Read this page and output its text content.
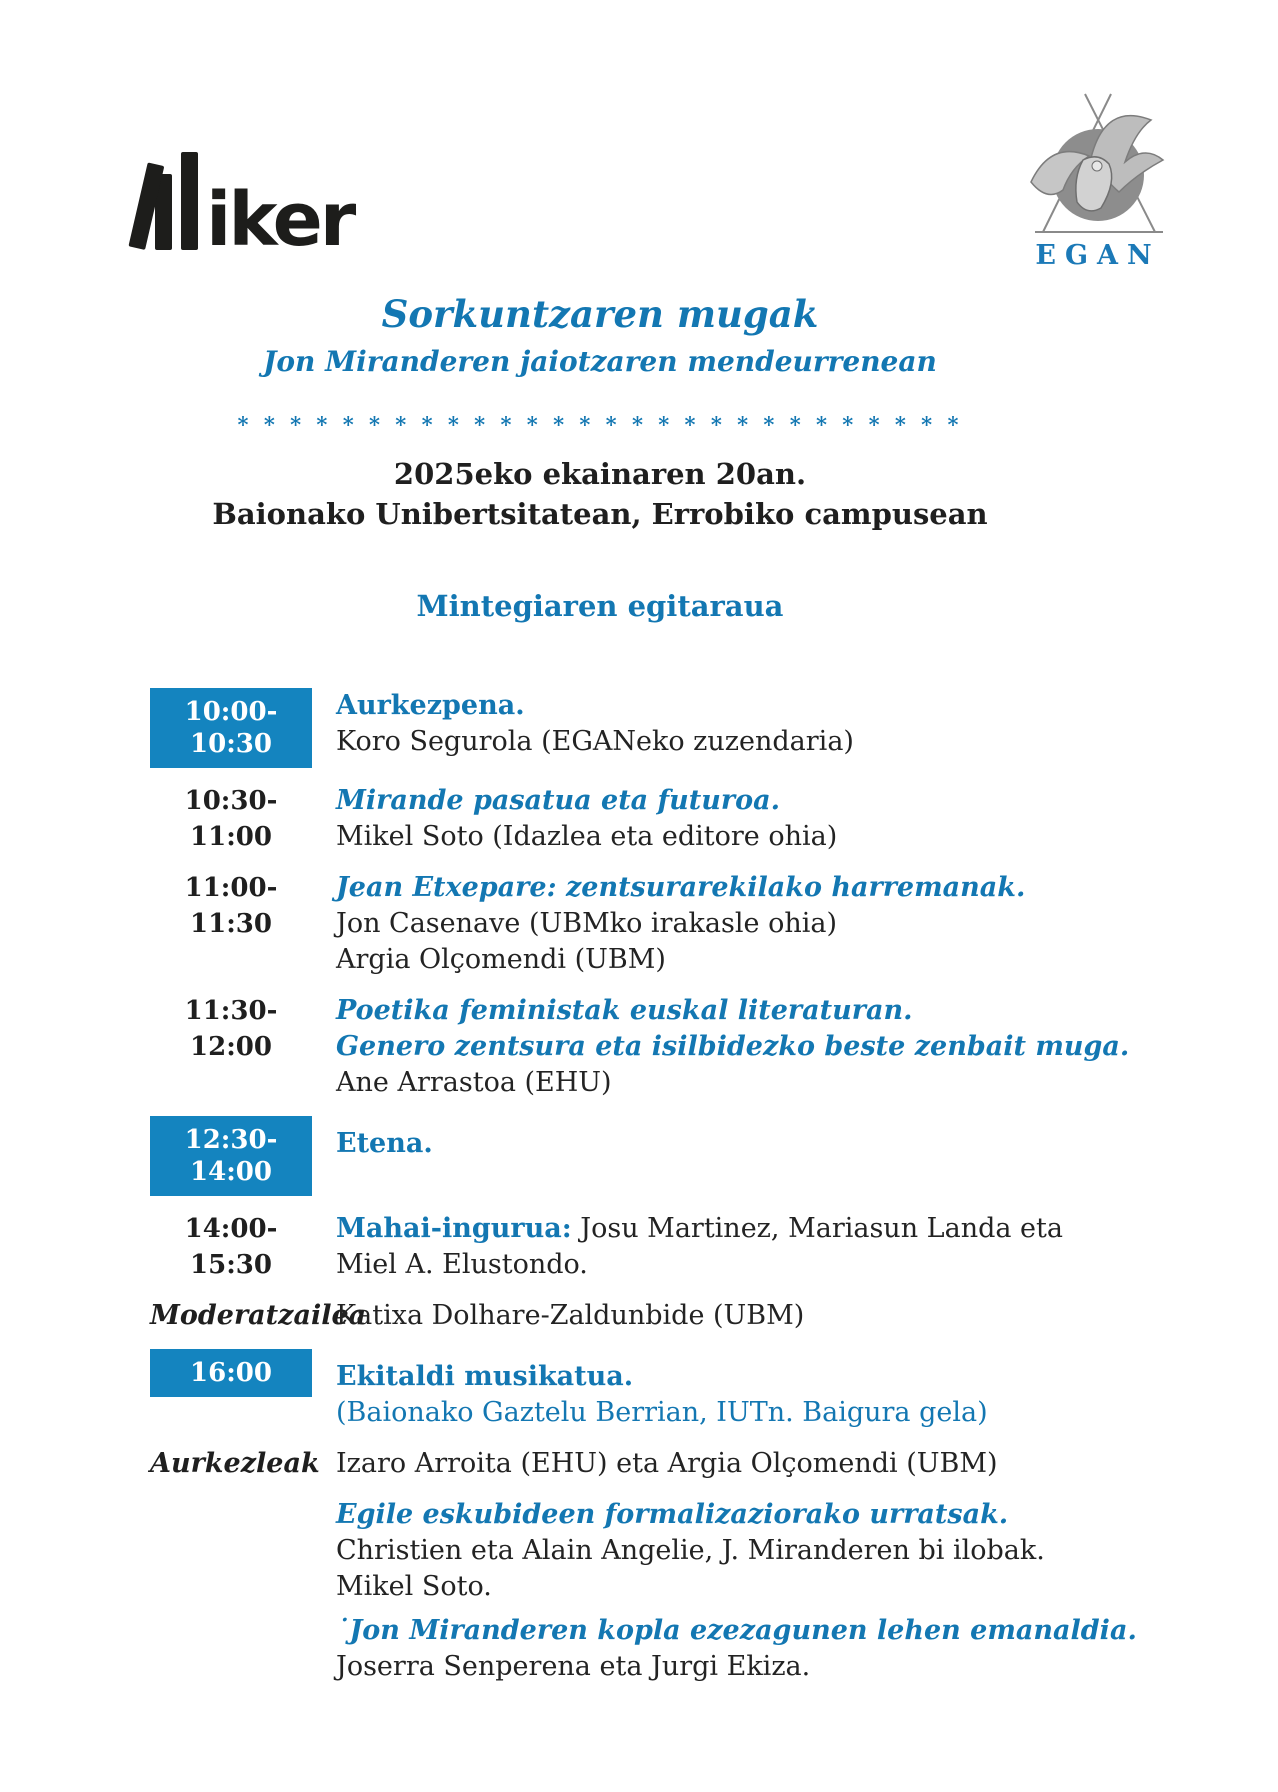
iker	EGAN
Sorkuntzaren mugak
Jon Miranderen jaiotzaren mendeurrenean
* * * * * * * * * * * * * * * * * * * * * * * * * * * *
2025eko ekainaren 20an.
Baionako Unibertsitatean, Errobiko campusean
Mintegiaren egitaraua
10:00-10:30
Aurkezpena.
Koro Segurola (EGANeko zuzendaria)
10:30-11:00
Mirande pasatua eta futuroa.
Mikel Soto (Idazlea eta editore ohia)
11:00-11:30
Jean Etxepare: zentsurarekilako harremanak.
Jon Casenave (UBMko irakasle ohia)
Argia Olçomendi (UBM)
11:30-12:00
Poetika feministak euskal literaturan.
Genero zentsura eta isilbidezko beste zenbait muga.
Ane Arrastoa (EHU)
12:30-14:00
Etena.
14:00-15:30
Mahai-ingurua: Josu Martinez, Mariasun Landa eta
Miel A. Elustondo.
Moderatzailea
Katixa Dolhare-Zaldunbide (UBM)
16:00	Ekitaldi musikatua.
(Baionako Gaztelu Berrian, IUTn. Baigura gela)
Aurkezleak Izaro Arroita (EHU) eta Argia Olçomendi (UBM)
Egile eskubideen formalizaziorako urratsak.
Christien eta Alain Angelie, J. Miranderen bi ilobak.
Mikel Soto.
˙Jon Miranderen kopla ezezagunen lehen emanaldia.
Joserra Senperena eta Jurgi Ekiza.
